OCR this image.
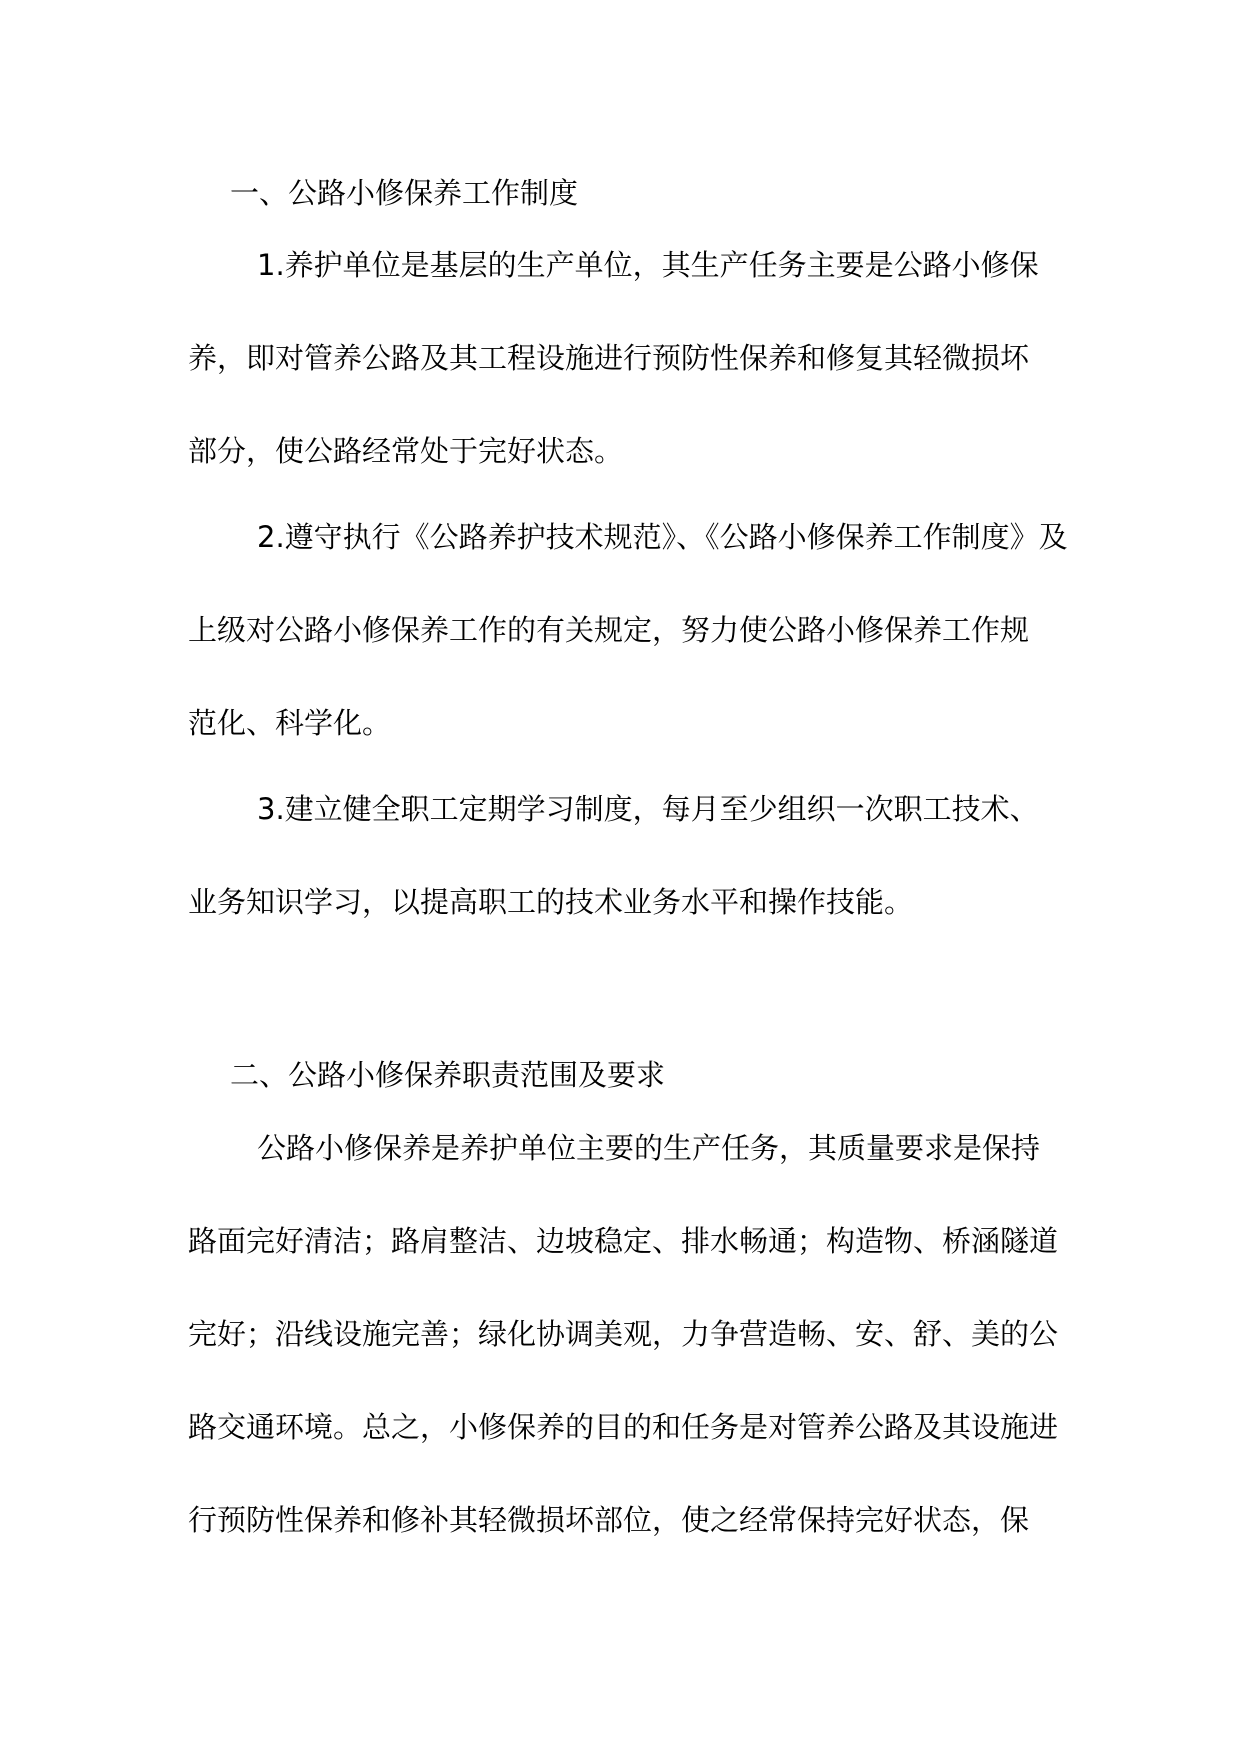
一、公路小修保养工作制度

1.养护单位是基层的生产单位，其生产任务主要是公路小修保

养，即对管养公路及其工程设施进行预防性保养和修复其轻微损坏

部分，使公路经常处于完好状态。

2.遵守执行《公路养护技术规范》、《公路小修保养工作制度》及

上级对公路小修保养工作的有关规定，努力使公路小修保养工作规

范化、科学化。

3.建立健全职工定期学习制度，每月至少组织一次职工技术、

业务知识学习，以提高职工的技术业务水平和操作技能。

二、公路小修保养职责范围及要求

公路小修保养是养护单位主要的生产任务，其质量要求是保持

路面完好清洁；路肩整洁、边坡稳定、排水畅通；构造物、桥涵隧道

完好；沿线设施完善；绿化协调美观，力争营造畅、安、舒、美的公

路交通环境。总之，小修保养的目的和任务是对管养公路及其设施进

行预防性保养和修补其轻微损坏部位，使之经常保持完好状态，保
